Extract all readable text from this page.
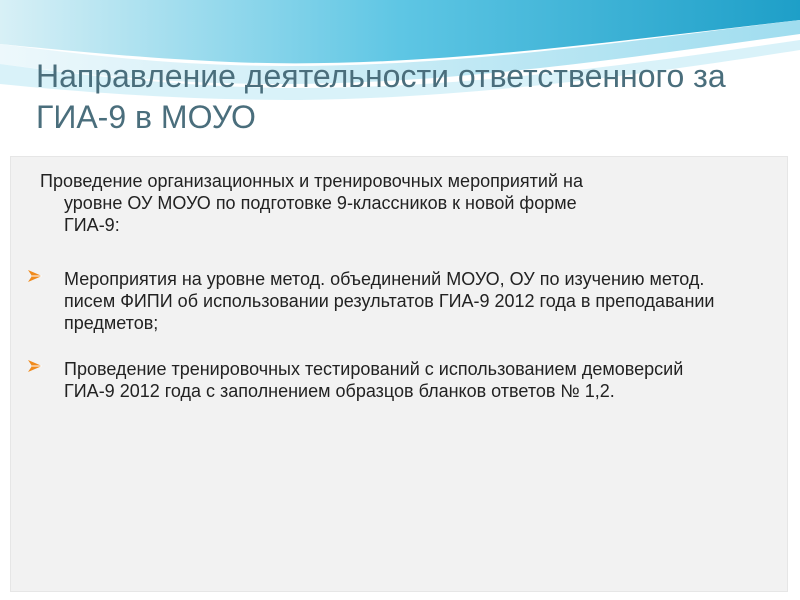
Направление деятельности ответственного за ГИА-9 в МОУО
Проведение организационных и тренировочных мероприятий на
уровне ОУ МОУО по подготовке 9-классников к новой форме
ГИА-9:
Мероприятия на уровне метод. объединений МОУО, ОУ по изучению метод. писем ФИПИ об использовании результатов ГИА-9 2012 года в преподавании предметов;
Проведение тренировочных тестирований с использованием демоверсий ГИА-9 2012 года с заполнением образцов бланков ответов № 1,2.
